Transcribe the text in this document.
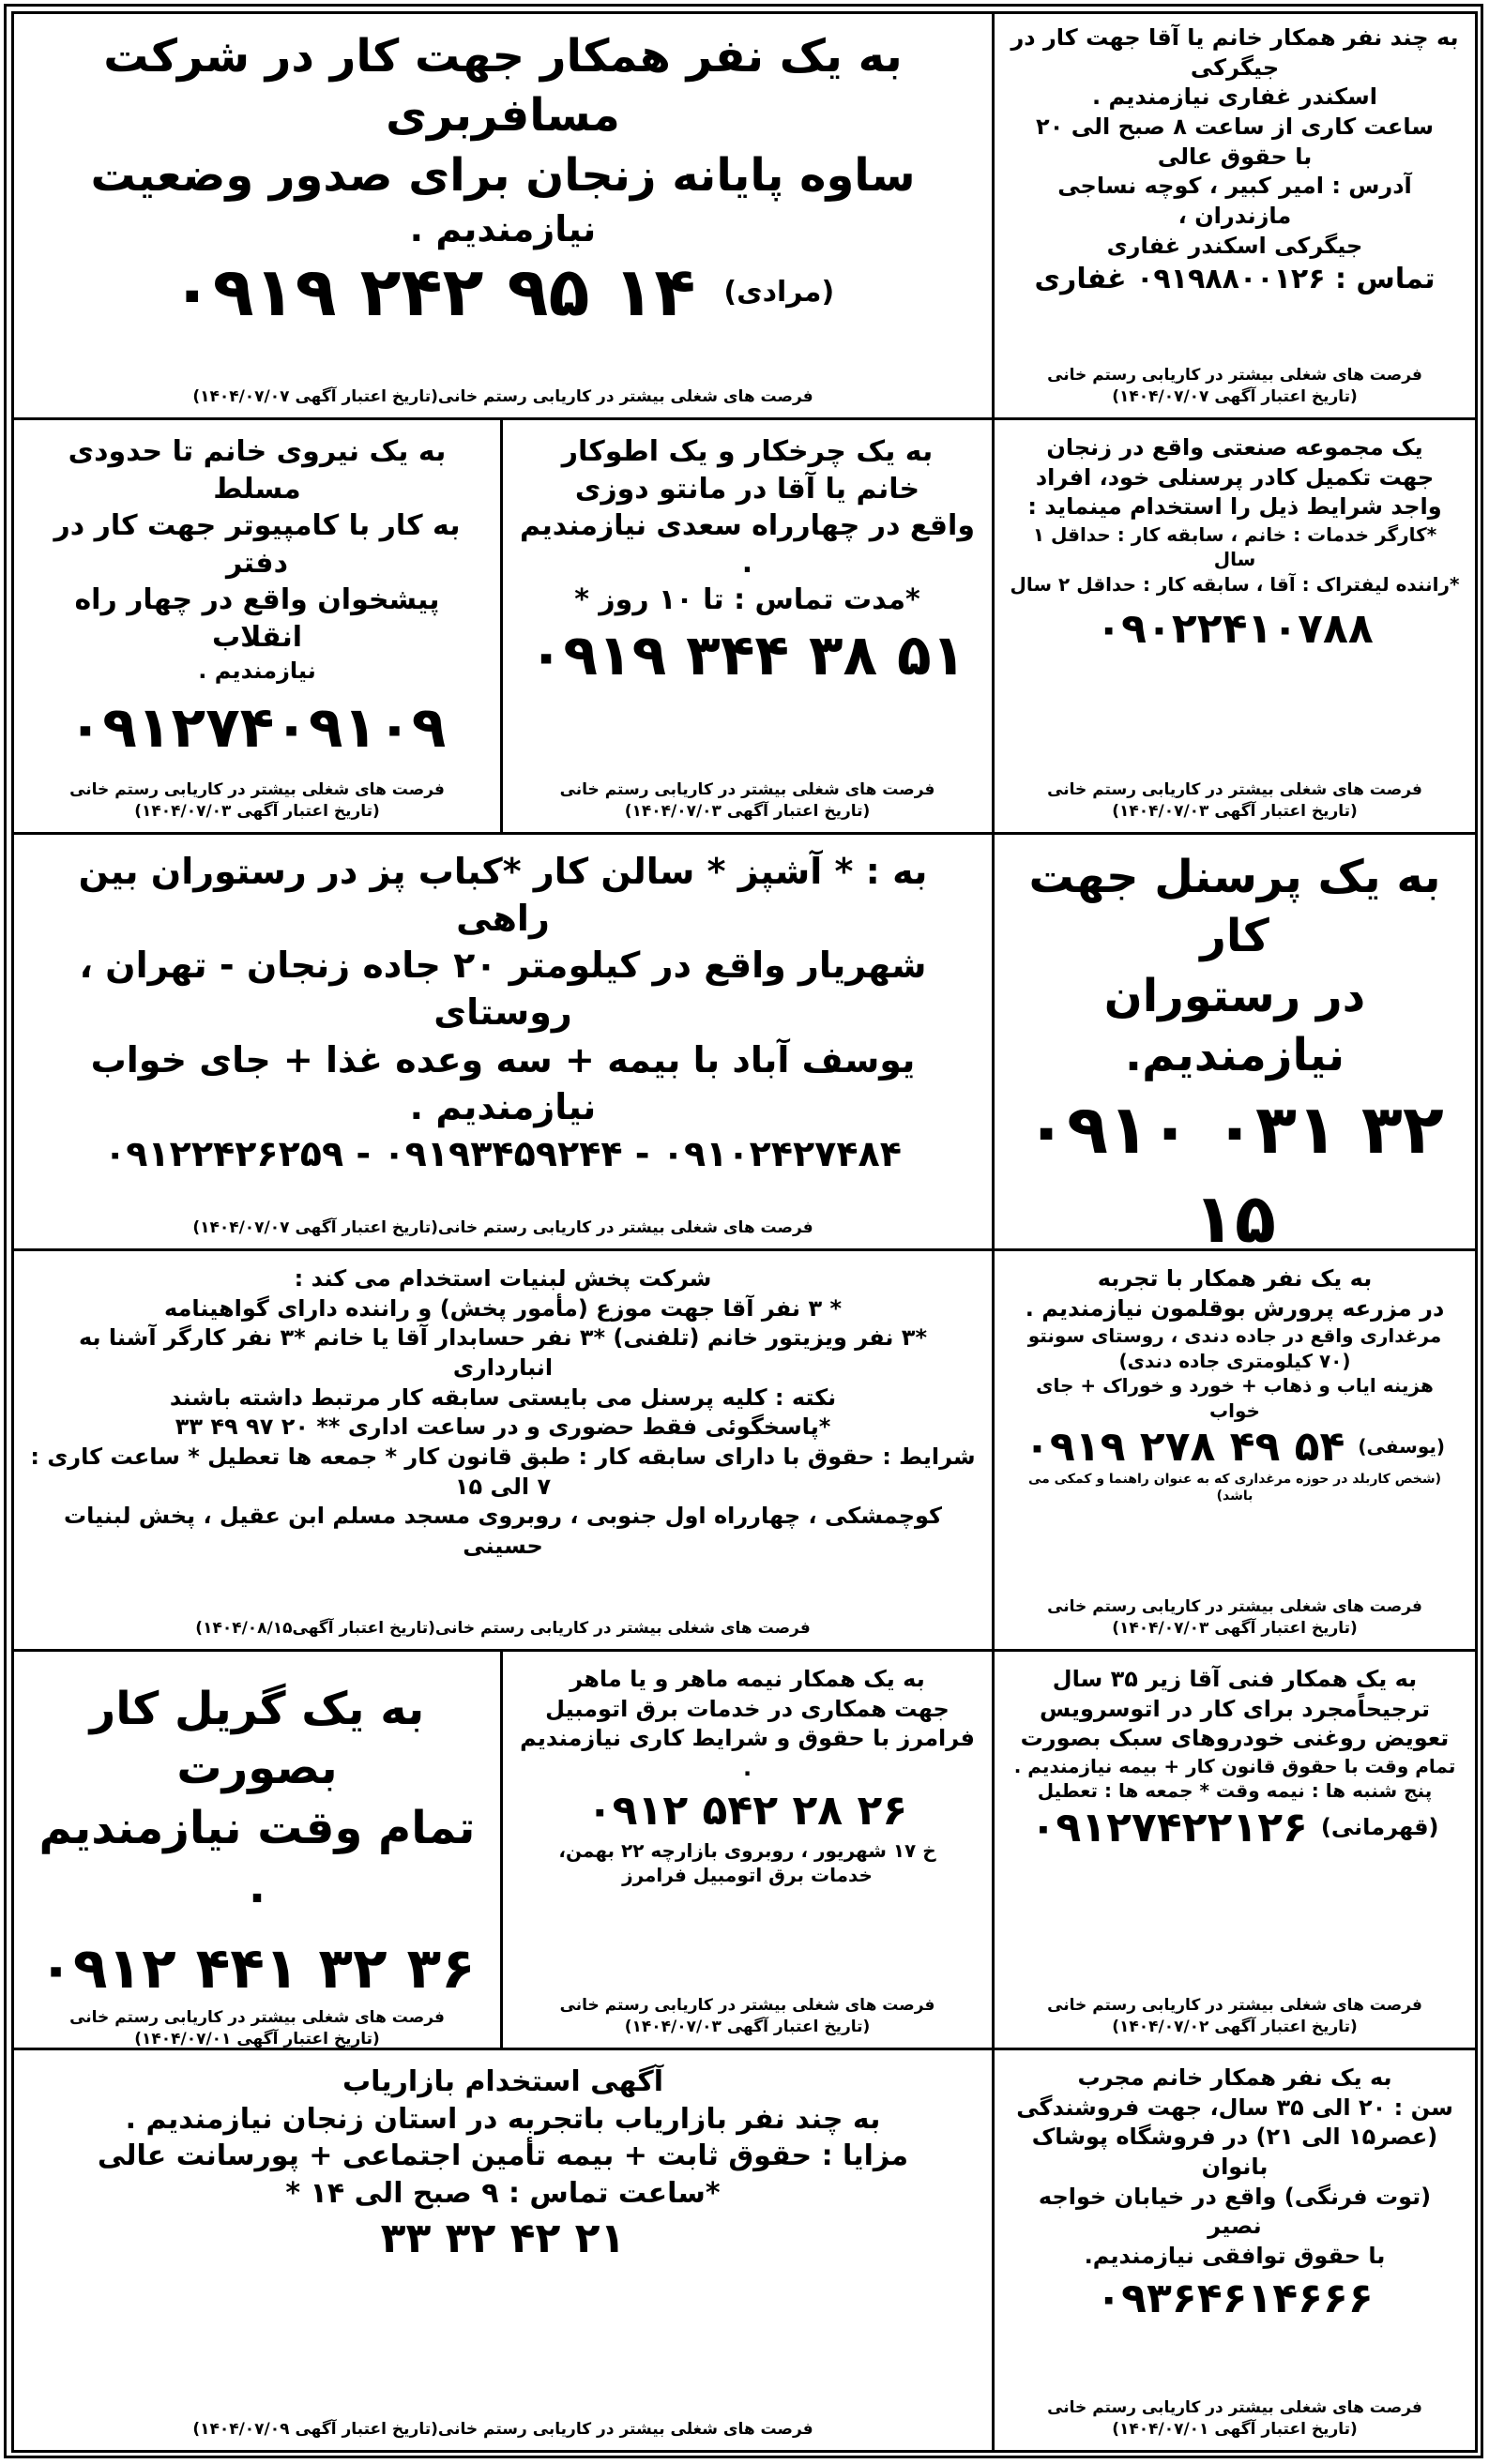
به یک نفر همکار جهت کار در شرکت مسافربری

ساوه پایانه زنجان برای صدور وضعیت

نیازمندیم .

۰۹۱۹ ۲۴۲ ۹۵ ۱۴ (مرادی)

فرصت های شغلی بیشتر در کاریابی رستم خانی(تاریخ اعتبار آگهی ۱۴۰۴/۰۷/۰۷)

به چند نفر همکار خانم یا آقا جهت کار در جیگرکی

اسکندر غفاری نیازمندیم .

ساعت کاری از ساعت ۸ صبح الی ۲۰

با حقوق عالی

آدرس : امیر کبیر ، کوچه نساجی مازندران ،

جیگرکی اسکندر غفاری

تماس : ۰۹۱۹۸۸۰۰۱۲۶ غفاری

فرصت های شغلی بیشتر در کاریابی رستم خانی

(تاریخ اعتبار آگهی ۱۴۰۴/۰۷/۰۷)

به یک نیروی خانم تا حدودی مسلط

به کار با کامپیوتر جهت کار در دفتر

پیشخوان واقع در چهار راه انقلاب

نیازمندیم .

۰۹۱۲۷۴۰۹۱۰۹

فرصت های شغلی بیشتر در کاریابی رستم خانی

(تاریخ اعتبار آگهی ۱۴۰۴/۰۷/۰۳)

به یک چرخکار و یک اطوکار

خانم یا آقا در مانتو دوزی

واقع در چهارراه سعدی نیازمندیم .

*مدت تماس : تا ۱۰ روز *

۰۹۱۹ ۳۴۴ ۳۸ ۵۱

فرصت های شغلی بیشتر در کاریابی رستم خانی

(تاریخ اعتبار آگهی ۱۴۰۴/۰۷/۰۳)

یک مجموعه صنعتی واقع در زنجان

جهت تکمیل کادر پرسنلی خود، افراد

واجد شرایط ذیل را استخدام مینماید :

*کارگر خدمات : خانم ، سابقه کار : حداقل ۱ سال

*راننده لیفتراک : آقا ، سابقه کار : حداقل ۲ سال

۰۹۰۲۲۴۱۰۷۸۸

فرصت های شغلی بیشتر در کاریابی رستم خانی

(تاریخ اعتبار آگهی ۱۴۰۴/۰۷/۰۳)

به : * آشپز * سالن کار *کباب پز در رستوران بین راهی

شهریار واقع در کیلومتر ۲۰ جاده زنجان - تهران ، روستای

یوسف آباد با بیمه + سه وعده غذا + جای خواب نیازمندیم .

۰۹۱۰۲۴۲۷۴۸۴ - ۰۹۱۹۳۴۵۹۲۴۴ - ۰۹۱۲۲۴۲۶۲۵۹

فرصت های شغلی بیشتر در کاریابی رستم خانی(تاریخ اعتبار آگهی ۱۴۰۴/۰۷/۰۷)

به یک پرسنل جهت کار

در رستوران نیازمندیم.

۰۹۱۰ ۰۳۱ ۳۲ ۱۵

شرکت پخش لبنیات استخدام می کند :

* ۳ نفر آقا جهت موزع (مأمور پخش) و راننده دارای گواهینامه

*۳ نفر ویزیتور خانم (تلفنی) *۳ نفر حسابدار آقا یا خانم *۳ نفر کارگر آشنا به انبارداری

نکته : کلیه پرسنل می بایستی سابقه کار مرتبط داشته باشند

*پاسخگوئی فقط حضوری و در ساعت اداری ** ۲۰ ۹۷ ۴۹ ۳۳

شرایط : حقوق با دارای سابقه کار : طبق قانون کار * جمعه ها تعطیل * ساعت کاری : ۷ الی ۱۵

کوچمشکی ، چهارراه اول جنوبی ، روبروی مسجد مسلم ابن عقیل ، پخش لبنیات حسینی

فرصت های شغلی بیشتر در کاریابی رستم خانی(تاریخ اعتبار آگهی۱۴۰۴/۰۸/۱۵)

به یک نفر همکار با تجربه

در مزرعه پرورش بوقلمون نیازمندیم .

مرغداری واقع در جاده دندی ، روستای سونتو

(۷۰ کیلومتری جاده دندی)

هزینه ایاب و ذهاب + خورد و خوراک + جای خواب

۰۹۱۹ ۲۷۸ ۴۹ ۵۴ (یوسفی)

(شخص کاربلد در حوزه مرغداری که به عنوان راهنما و کمکی می باشد)

فرصت های شغلی بیشتر در کاریابی رستم خانی

(تاریخ اعتبار آگهی ۱۴۰۴/۰۷/۰۳)

به یک گریل کار بصورت

تمام وقت نیازمندیم .

۰۹۱۲ ۴۴۱ ۳۲ ۳۶

فرصت های شغلی بیشتر در کاریابی رستم خانی

(تاریخ اعتبار آگهی ۱۴۰۴/۰۷/۰۱)

به یک همکار نیمه ماهر و یا ماهر

جهت همکاری در خدمات برق اتومبیل

فرامرز با حقوق و شرایط کاری نیازمندیم .

۰۹۱۲ ۵۴۲ ۲۸ ۲۶

خ ۱۷ شهریور ، روبروی بازارچه ۲۲ بهمن،

خدمات برق اتومبیل فرامرز

فرصت های شغلی بیشتر در کاریابی رستم خانی

(تاریخ اعتبار آگهی ۱۴۰۴/۰۷/۰۳)

به یک همکار فنی آقا زیر ۳۵ سال

ترجیحاًمجرد برای کار در اتوسرویس

تعویض روغنی خودروهای سبک بصورت

تمام وقت با حقوق قانون کار + بیمه نیازمندیم .

پنج شنبه ها : نیمه وقت * جمعه ها : تعطیل

۰۹۱۲۷۴۲۲۱۲۶ (قهرمانی)

فرصت های شغلی بیشتر در کاریابی رستم خانی

(تاریخ اعتبار آگهی ۱۴۰۴/۰۷/۰۲)

آگهی استخدام بازاریاب

به چند نفر بازاریاب باتجربه در استان زنجان نیازمندیم .

مزایا : حقوق ثابت + بیمه تأمین اجتماعی + پورسانت عالی

*ساعت تماس : ۹ صبح الی ۱۴ *

۳۳ ۳۲ ۴۲ ۲۱

فرصت های شغلی بیشتر در کاریابی رستم خانی(تاریخ اعتبار آگهی ۱۴۰۴/۰۷/۰۹)

به یک نفر همکار خانم مجرب

سن : ۲۰ الی ۳۵ سال، جهت فروشندگی

(عصر۱۵ الی ۲۱) در فروشگاه پوشاک بانوان

(توت فرنگی) واقع در خیابان خواجه نصیر

با حقوق توافقی نیازمندیم.

۰۹۳۶۴۶۱۴۶۶۶

فرصت های شغلی بیشتر در کاریابی رستم خانی

(تاریخ اعتبار آگهی ۱۴۰۴/۰۷/۰۱)
